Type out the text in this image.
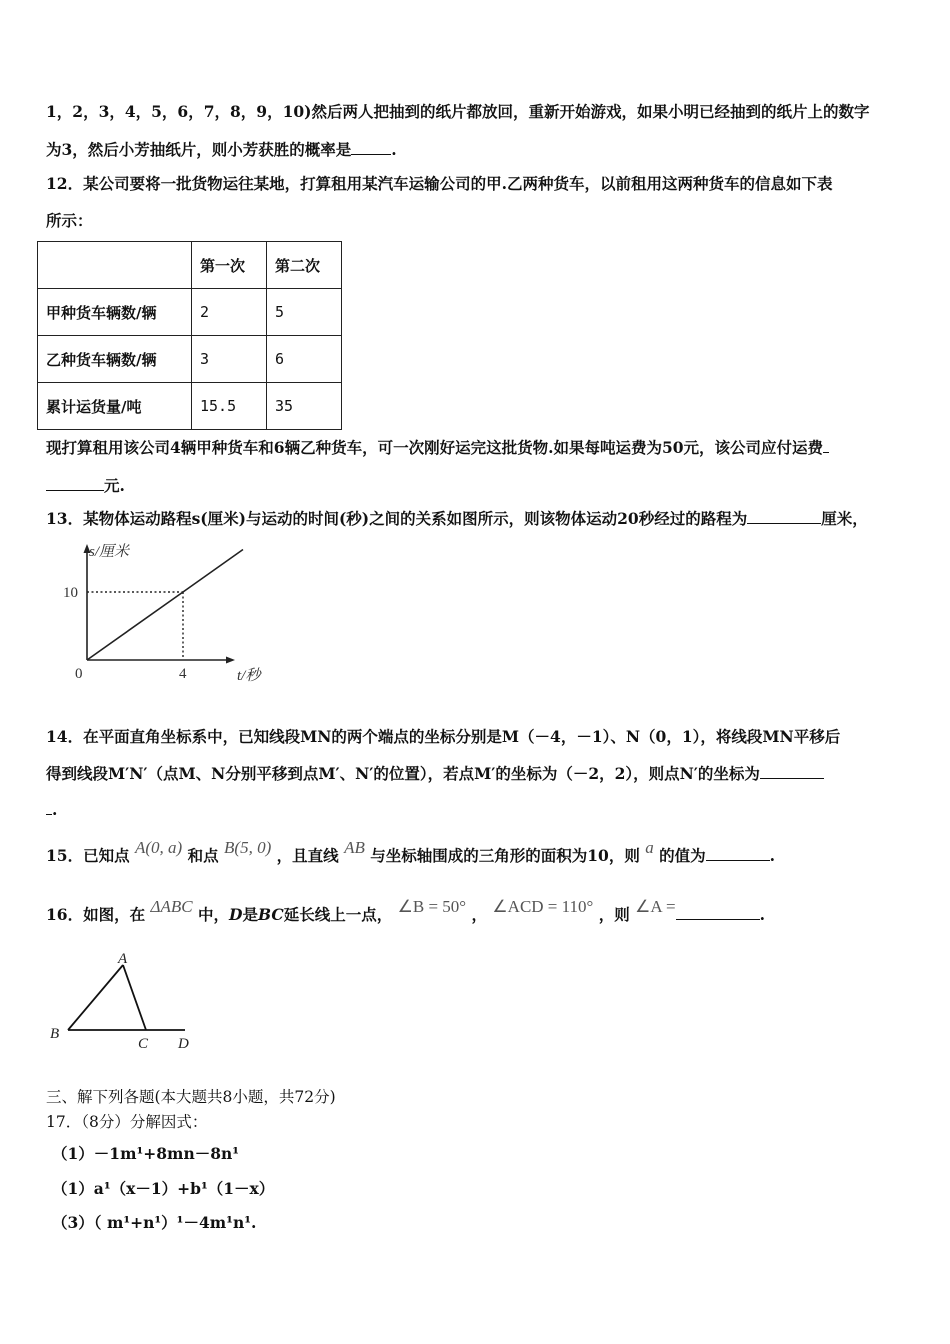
1，2，3，4，5，6，7，8，9，10)然后两人把抽到的纸片都放回，重新开始游戏，如果小明已经抽到的纸片上的数字
为3，然后小芳抽纸片，则小芳获胜的概率是	.
12．某公司要将一批货物运往某地，打算租用某汽车运输公司的甲.乙两种货车，以前租用这两种货车的信息如下表
所示：
	第一次	第二次
甲种货车辆数/辆	2	5
乙种货车辆数/辆	3	6
累计运货量/吨	15.5	35
现打算租用该公司4辆甲种货车和6辆乙种货车，可一次刚好运完这批货物.如果每吨运费为50元，该公司应付运费
元.
13．某物体运动路程s(厘米)与运动的时间(秒)之间的关系如图所示，则该物体运动20秒经过的路程为	厘米，
10
4
0
s/厘米
t/秒
14．在平面直角坐标系中，已知线段MN的两个端点的坐标分别是M（－4，－1）、N（0，1），将线段MN平移后
得到线段M′N′（点M、N分别平移到点M′、N′的位置），若点M′的坐标为（－2，2），则点N′的坐标为
.
15．已知点 A(0, a) 和点 B(5, 0) ，且直线 AB 与坐标轴围成的三角形的面积为10，则 a 的值为	.
16．如图，在 ΔABC 中，D是BC延长线上一点， ∠B = 50° ， ∠ACD = 110° ，则 ∠A =	.
A
B
C D
三、解下列各题(本大题共8小题，共72分)
17．（8分）分解因式：
（1）－1m¹+8mn－8n¹
（1）a¹（x－1）+b¹（1－x）
（3）（ m¹+n¹）¹－4m¹n¹.
